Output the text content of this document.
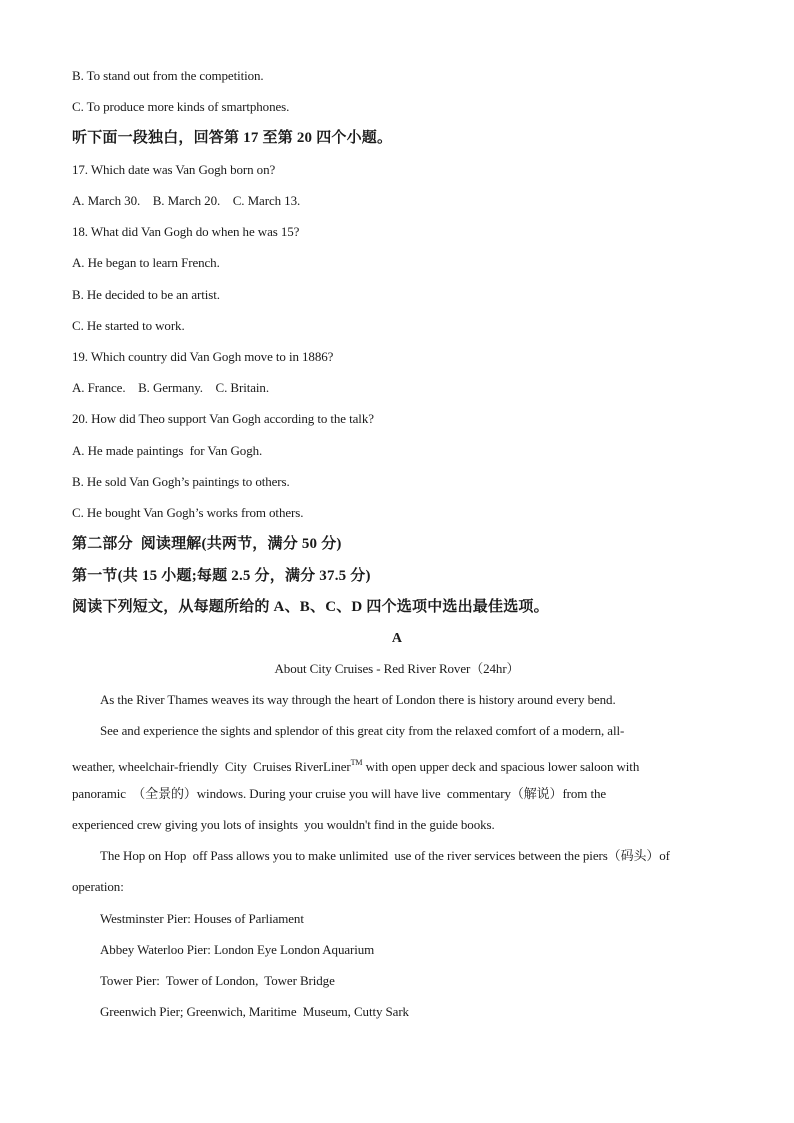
B. To stand out from the competition.
C. To produce more kinds of smartphones.
听下面一段独白，回答第 17 至第 20 四个小题。
17. Which date was Van Gogh born on?
A. March 30.    B. March 20.    C. March 13.
18. What did Van Gogh do when he was 15?
A. He began to learn French.
B. He decided to be an artist.
C. He started to work.
19. Which country did Van Gogh move to in 1886?
A. France.    B. Germany.    C. Britain.
20. How did Theo support Van Gogh according to the talk?
A. He made paintings  for Van Gogh.
B. He sold Van Gogh’s paintings to others.
C. He bought Van Gogh’s works from others.
第二部分  阅读理解(共两节，满分 50 分)
第一节(共 15 小题;每题 2.5 分，满分 37.5 分)
阅读下列短文，从每题所给的 A、B、C、D 四个选项中选出最佳选项。
A
About City Cruises - Red River Rover（24hr）
As the River Thames weaves its way through the heart of London there is history around every bend.
See and experience the sights and splendor of this great city from the relaxed comfort of a modern, all-
weather, wheelchair-friendly  City  Cruises RiverLiner™ with open upper deck and spacious lower saloon with
panoramic  （全景的）windows. During your cruise you will have live  commentary（解说）from the
experienced crew giving you lots of insights  you wouldn't find in the guide books.
The Hop on Hop  off Pass allows you to make unlimited  use of the river services between the piers（码头）of
operation:
Westminster Pier: Houses of Parliament
Abbey Waterloo Pier: London Eye London Aquarium
Tower Pier:  Tower of London,  Tower Bridge
Greenwich Pier; Greenwich, Maritime  Museum, Cutty Sark
